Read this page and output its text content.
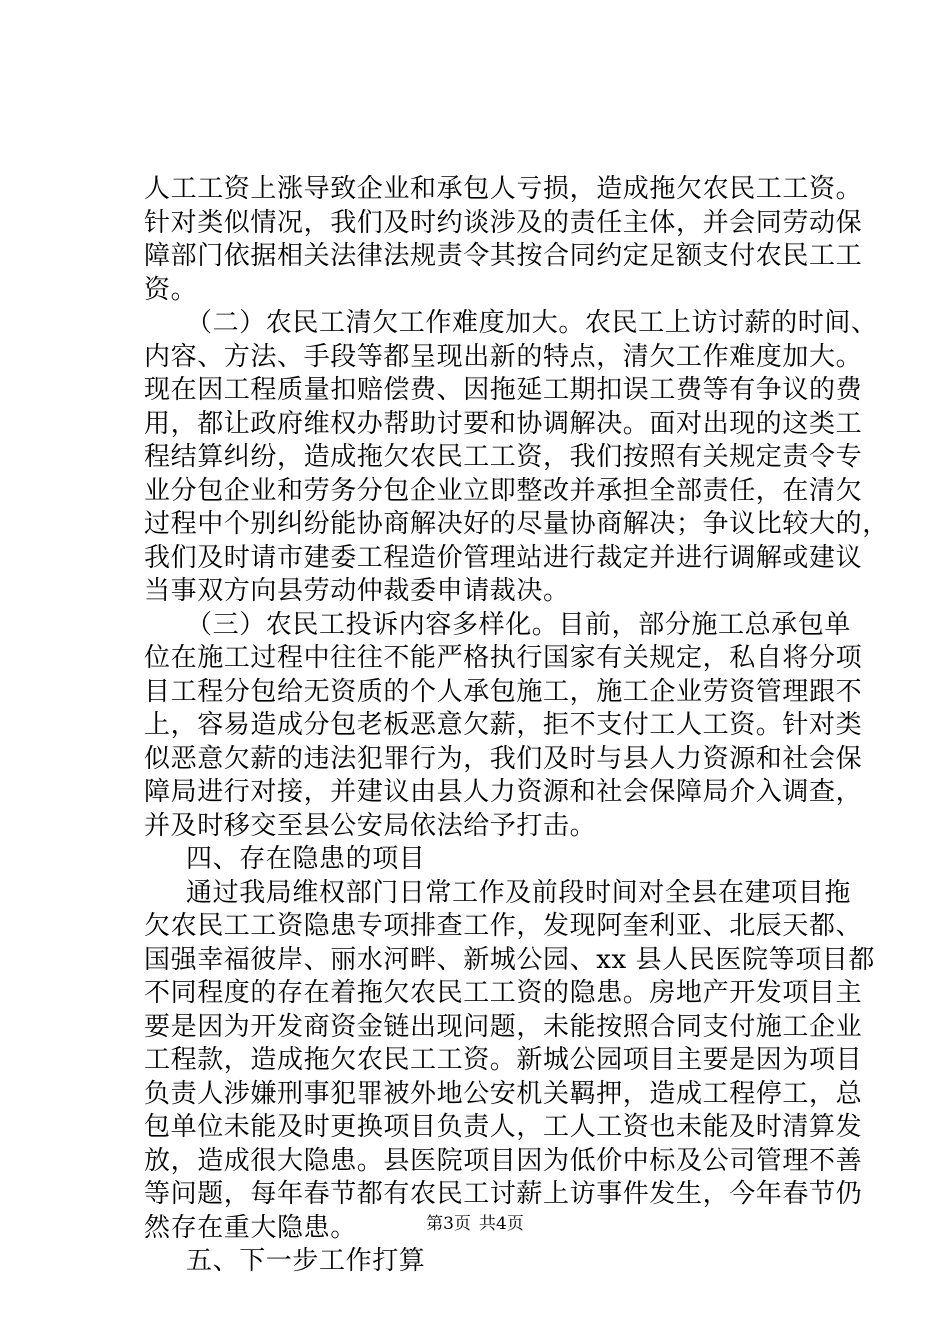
人工工资上涨导致企业和承包人亏损，造成拖欠农民工工资。
针对类似情况，我们及时约谈涉及的责任主体，并会同劳动保
障部门依据相关法律法规责令其按合同约定足额支付农民工工
资。
（二）农民工清欠工作难度加大。农民工上访讨薪的时间、
内容、方法、手段等都呈现出新的特点，清欠工作难度加大。
现在因工程质量扣赔偿费、因拖延工期扣误工费等有争议的费
用，都让政府维权办帮助讨要和协调解决。面对出现的这类工
程结算纠纷，造成拖欠农民工工资，我们按照有关规定责令专
业分包企业和劳务分包企业立即整改并承担全部责任，在清欠
过程中个别纠纷能协商解决好的尽量协商解决；争议比较大的，
我们及时请市建委工程造价管理站进行裁定并进行调解或建议
当事双方向县劳动仲裁委申请裁决。
（三）农民工投诉内容多样化。目前，部分施工总承包单
位在施工过程中往往不能严格执行国家有关规定，私自将分项
目工程分包给无资质的个人承包施工，施工企业劳资管理跟不
上，容易造成分包老板恶意欠薪，拒不支付工人工资。针对类
似恶意欠薪的违法犯罪行为，我们及时与县人力资源和社会保
障局进行对接，并建议由县人力资源和社会保障局介入调查，
并及时移交至县公安局依法给予打击。
四、存在隐患的项目
通过我局维权部门日常工作及前段时间对全县在建项目拖
欠农民工工资隐患专项排查工作，发现阿奎利亚、北辰天都、
国强幸福彼岸、丽水河畔、新城公园、xx 县人民医院等项目都
不同程度的存在着拖欠农民工工资的隐患。房地产开发项目主
要是因为开发商资金链出现问题，未能按照合同支付施工企业
工程款，造成拖欠农民工工资。新城公园项目主要是因为项目
负责人涉嫌刑事犯罪被外地公安机关羁押，造成工程停工，总
包单位未能及时更换项目负责人，工人工资也未能及时清算发
放，造成很大隐患。县医院项目因为低价中标及公司管理不善
等问题，每年春节都有农民工讨薪上访事件发生，今年春节仍
然存在重大隐患。
五、下一步工作打算
第3页 共4页
